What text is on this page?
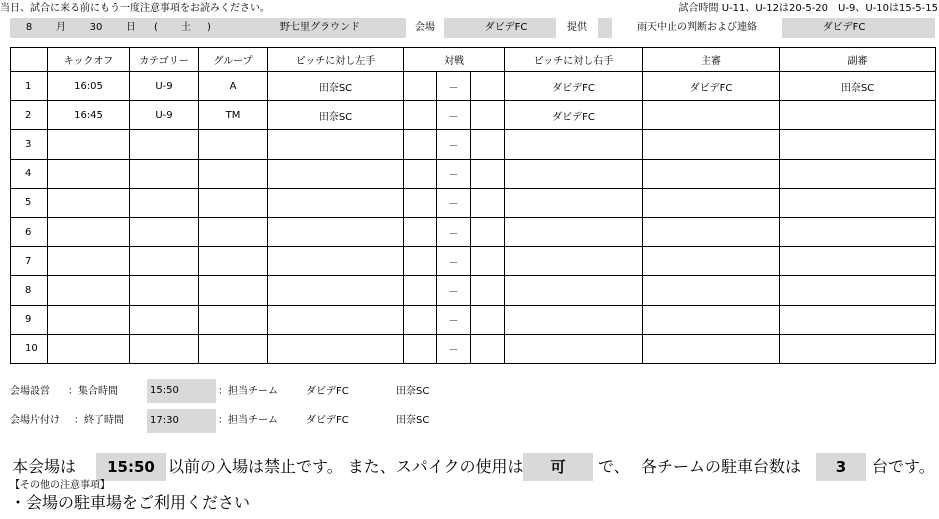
当日、試合に来る前にもう一度注意事項をお読みください。	試合時間 U-11、U-12は20-5-20　U-9、U-10は15-5-15
8	月	30	日	(	土	)	野七里グラウンド	会場	ダビデFC	提供	雨天中止の判断および連絡	ダビデFC
	キックオフ	カテゴリー	グループ	ピッチに対し左手	対戦			ピッチに対し右手	主審	副審
1	16:05	U-9	A	田奈SC		－		ダビデFC	ダビデFC	田奈SC
2	16:45	U-9	TM	田奈SC		－		ダビデFC		
3						－				
4						－				
5						－				
6						－				
7						－				
8						－				
9						－				
10						－				
会場設営 ：集合時間	15:50	：担当チーム	ダビデFC	田奈SC
会場片付け ：終了時間	17:30	：担当チーム	ダビデFC	田奈SC
本会場は	15:50 以前の入場は禁止です。 また、スパイクの使用は	可	で、 各チームの駐車台数は	3	台です。
【その他の注意事項】
・会場の駐車場をご利用ください
